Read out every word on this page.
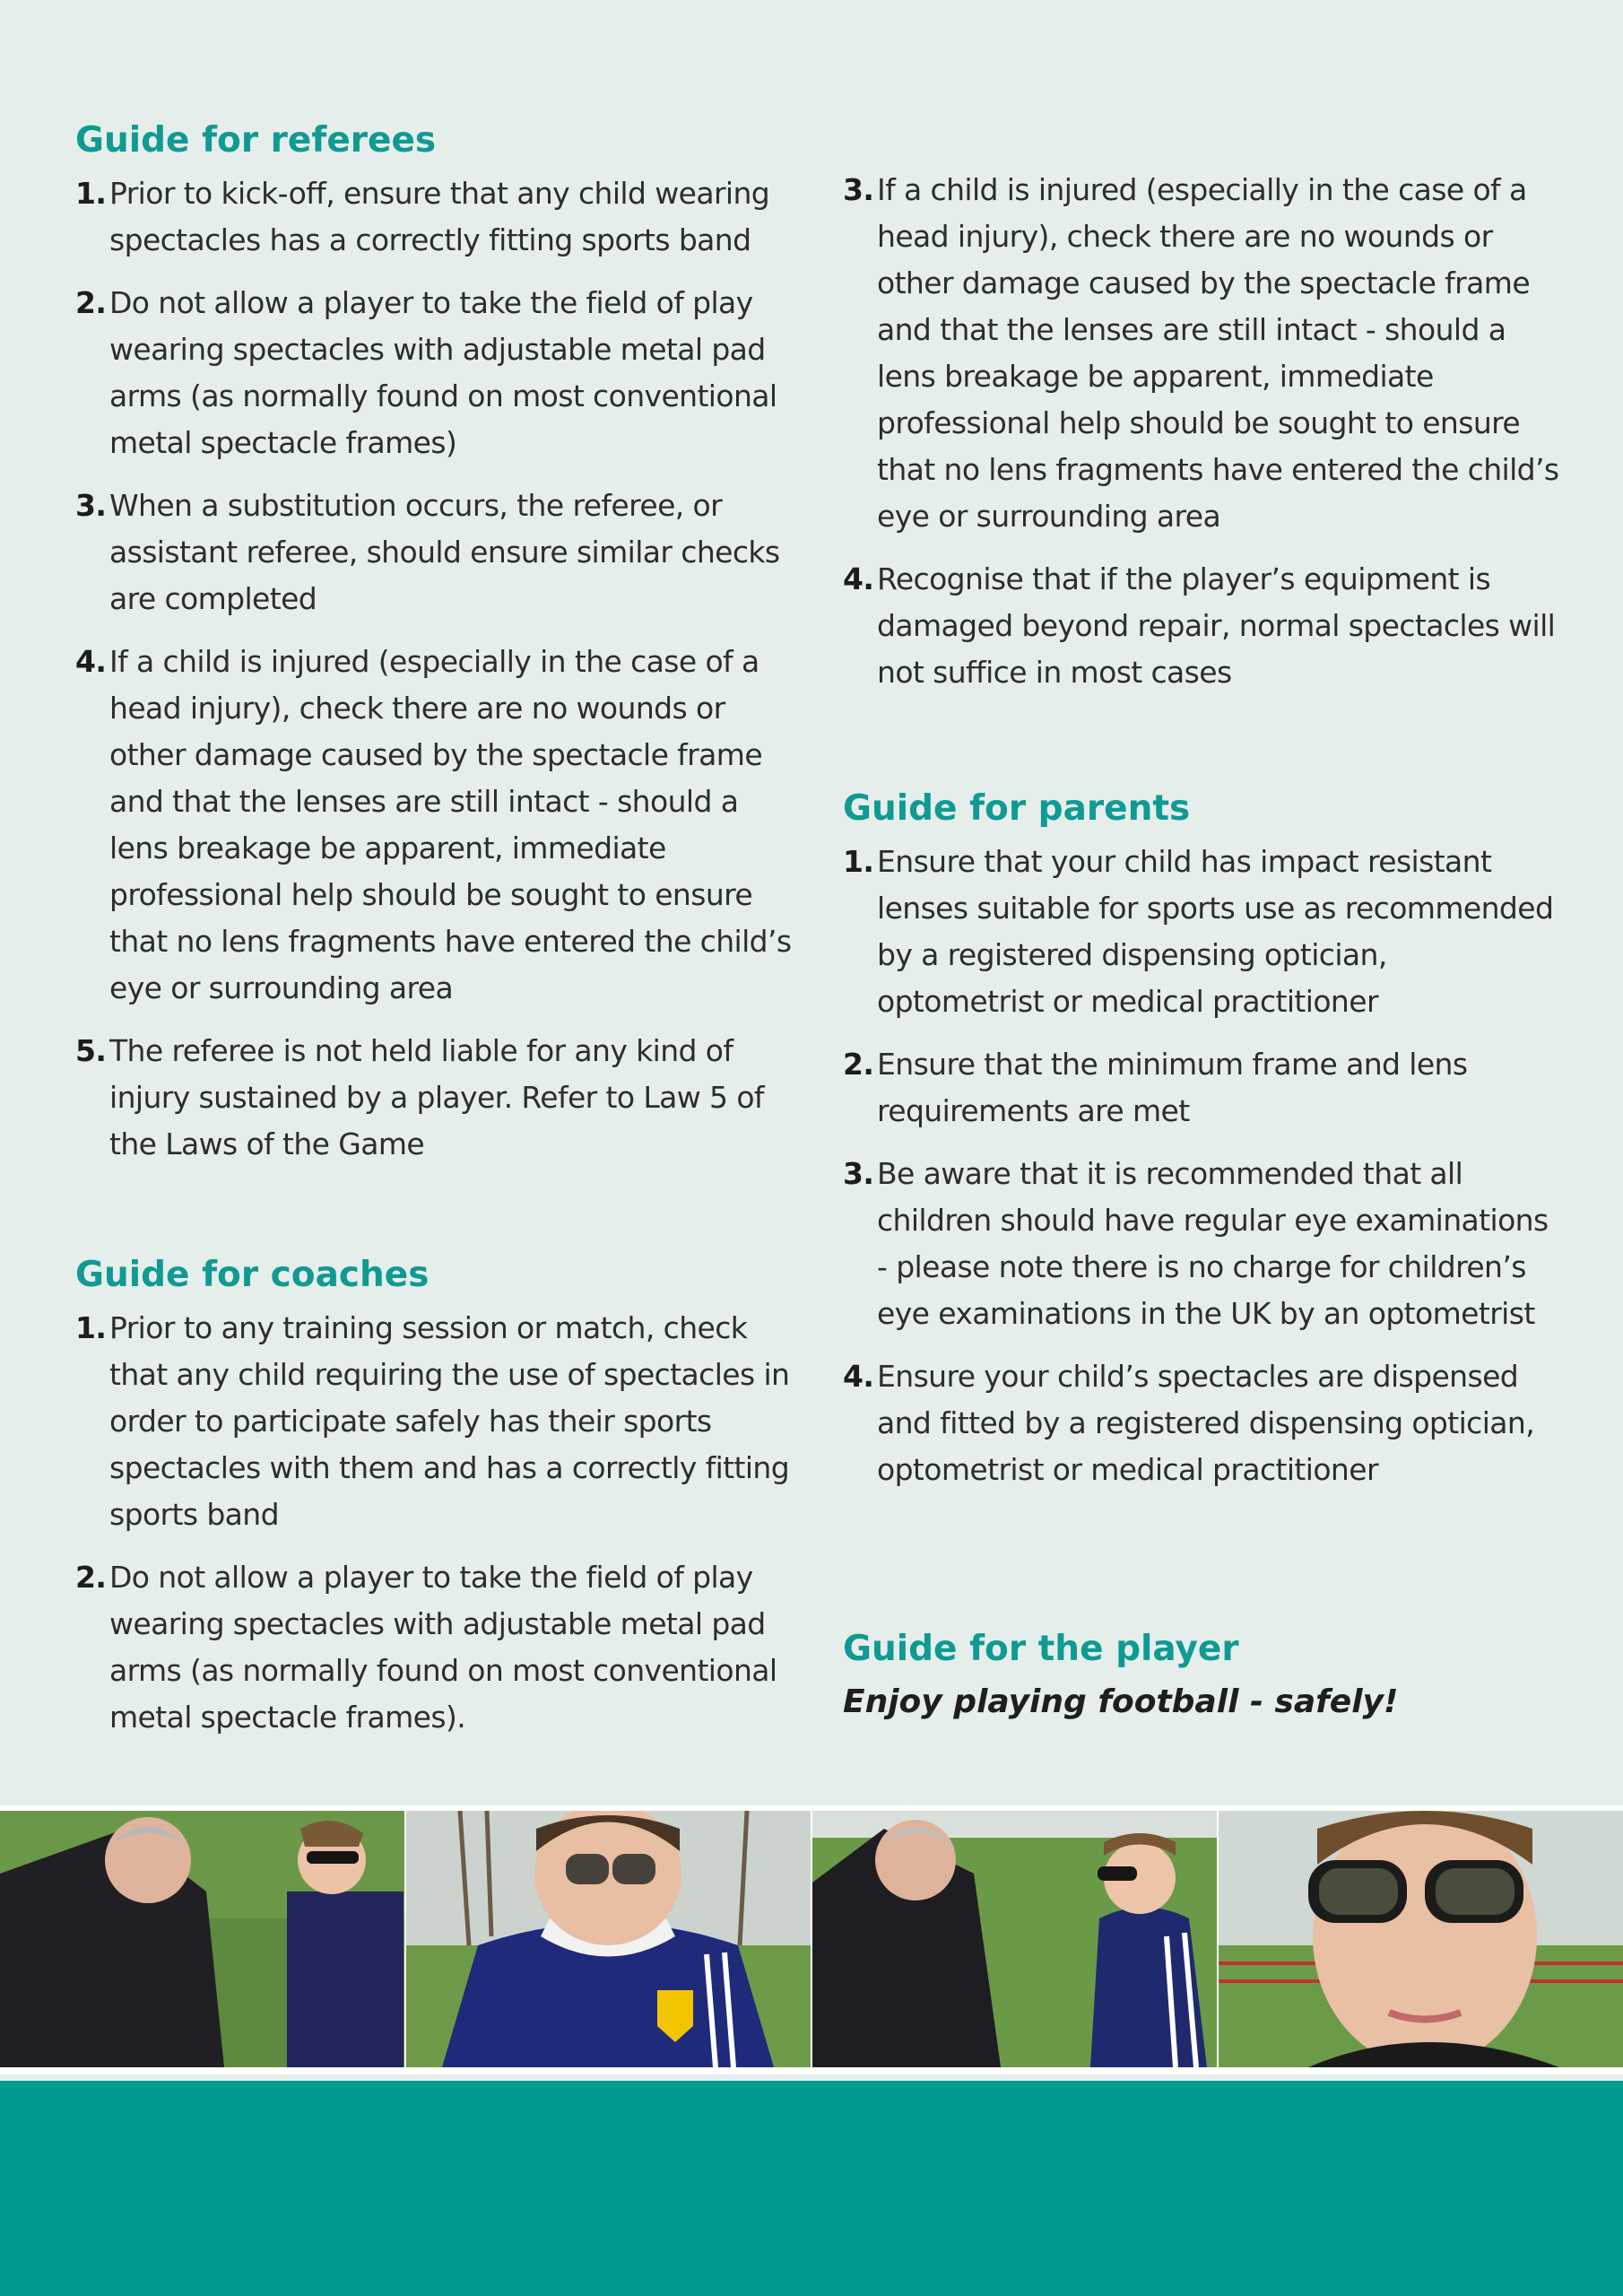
Guide for referees
1. Prior to kick-off, ensure that any child wearing spectacles has a correctly fitting sports band
2. Do not allow a player to take the field of play wearing spectacles with adjustable metal pad arms (as normally found on most conventional metal spectacle frames)
3. When a substitution occurs, the referee, or assistant referee, should ensure similar checks are completed
4. If a child is injured (especially in the case of a head injury), check there are no wounds or other damage caused by the spectacle frame and that the lenses are still intact - should a lens breakage be apparent, immediate professional help should be sought to ensure that no lens fragments have entered the child’s eye or surrounding area
5. The referee is not held liable for any kind of injury sustained by a player. Refer to Law 5 of the Laws of the Game
Guide for coaches
1. Prior to any training session or match, check that any child requiring the use of spectacles in order to participate safely has their sports spectacles with them and has a correctly fitting sports band
2. Do not allow a player to take the field of play wearing spectacles with adjustable metal pad arms (as normally found on most conventional metal spectacle frames).
3. If a child is injured (especially in the case of a head injury), check there are no wounds or other damage caused by the spectacle frame and that the lenses are still intact - should a lens breakage be apparent, immediate professional help should be sought to ensure that no lens fragments have entered the child’s eye or surrounding area
4. Recognise that if the player’s equipment is damaged beyond repair, normal spectacles will not suffice in most cases
Guide for parents
1. Ensure that your child has impact resistant lenses suitable for sports use as recommended by a registered dispensing optician, optometrist or medical practitioner
2. Ensure that the minimum frame and lens requirements are met
3. Be aware that it is recommended that all children should have regular eye examinations - please note there is no charge for children’s eye examinations in the UK by an optometrist
4. Ensure your child’s spectacles are dispensed and fitted by a registered dispensing optician, optometrist or medical practitioner
Guide for the player

Enjoy playing football - safely!
